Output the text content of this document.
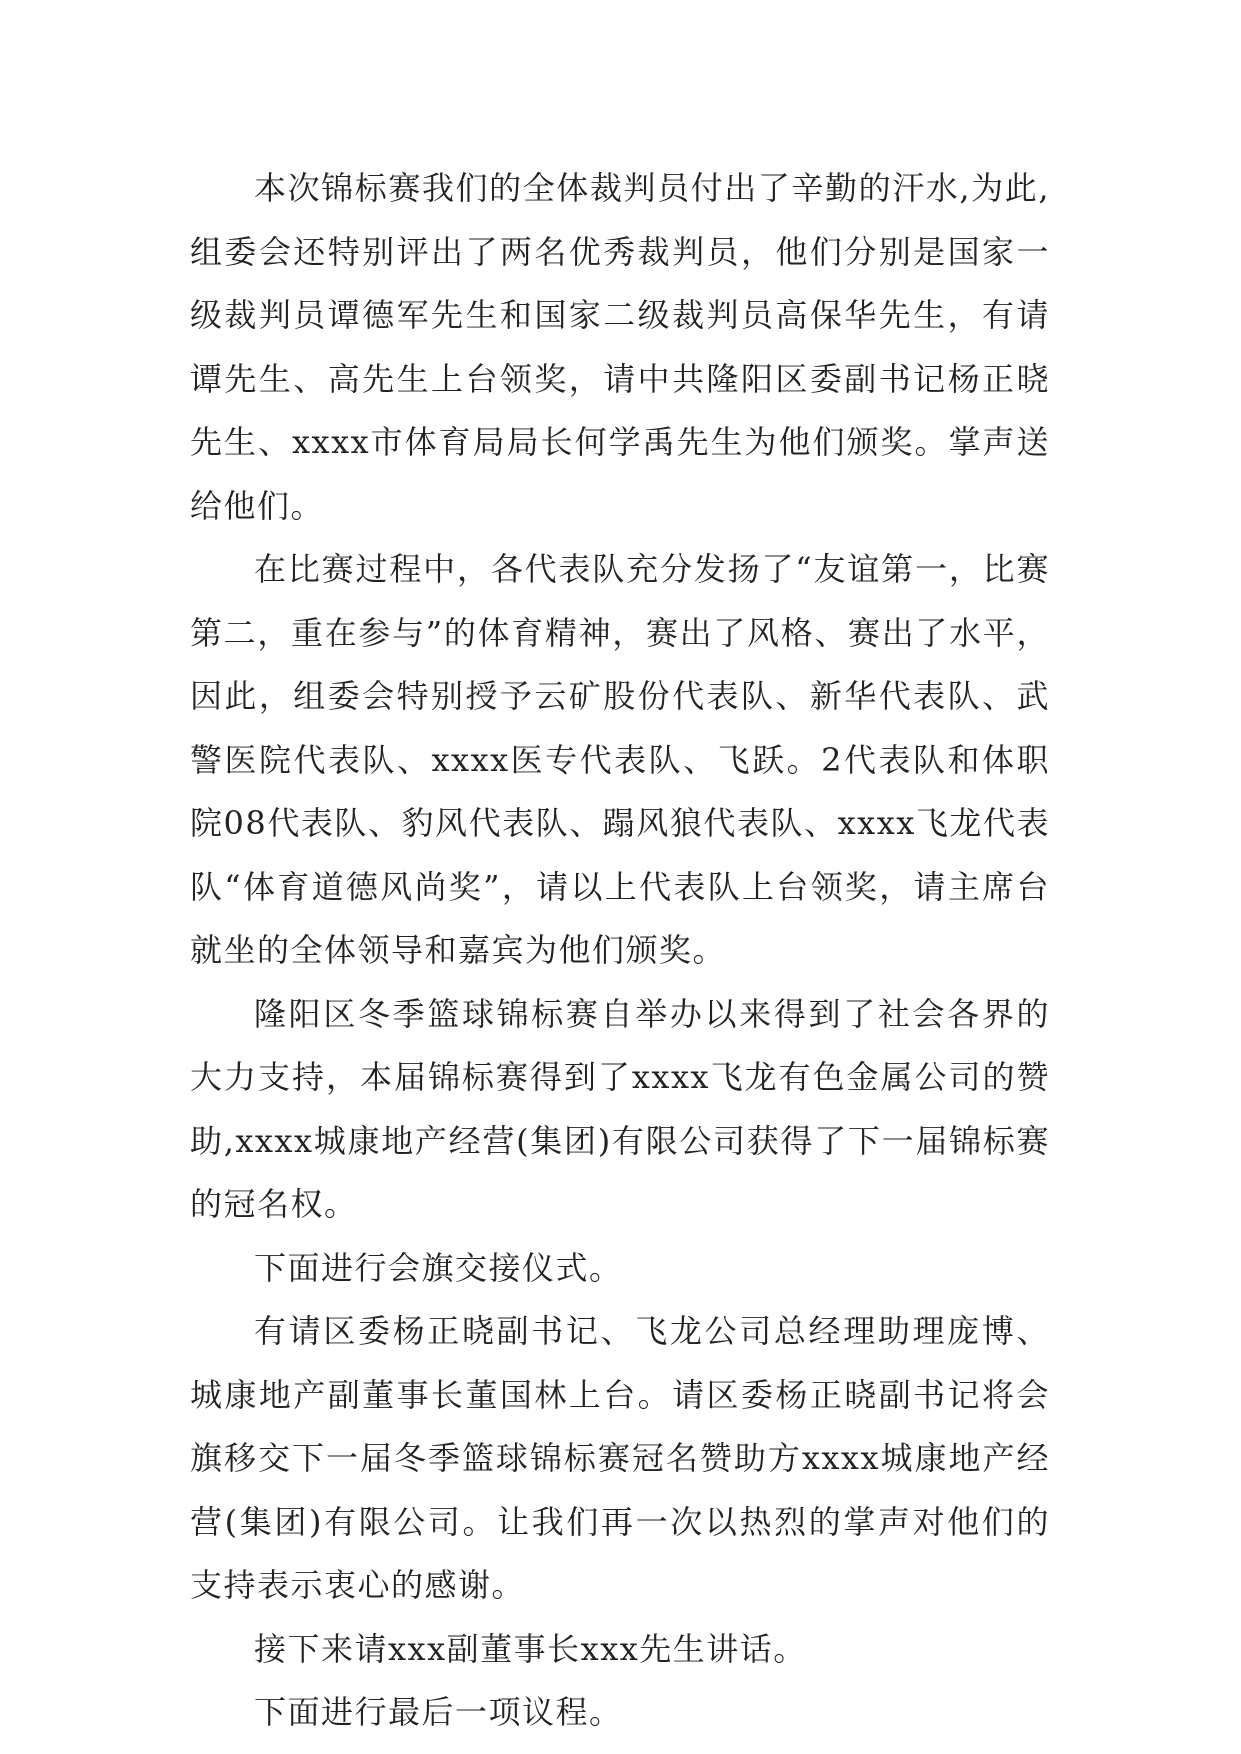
本次锦标赛我们的全体裁判员付出了辛勤的汗水,为此,组委会还特别评出了两名优秀裁判员，他们分别是国家一级裁判员谭德军先生和国家二级裁判员高保华先生，有请谭先生、高先生上台领奖，请中共隆阳区委副书记杨正晓先生、xxxx市体育局局长何学禹先生为他们颁奖。掌声送给他们。

在比赛过程中，各代表队充分发扬了“友谊第一，比赛第二，重在参与”的体育精神，赛出了风格、赛出了水平，因此，组委会特别授予云矿股份代表队、新华代表队、武警医院代表队、xxxx医专代表队、飞跃。2代表队和体职院08代表队、豹风代表队、蹋风狼代表队、xxxx飞龙代表队“体育道德风尚奖”，请以上代表队上台领奖，请主席台就坐的全体领导和嘉宾为他们颁奖。

隆阳区冬季篮球锦标赛自举办以来得到了社会各界的大力支持，本届锦标赛得到了xxxx飞龙有色金属公司的赞助,xxxx城康地产经营(集团)有限公司获得了下一届锦标赛的冠名权。

下面进行会旗交接仪式。

有请区委杨正晓副书记、飞龙公司总经理助理庞博、城康地产副董事长董国林上台。请区委杨正晓副书记将会旗移交下一届冬季篮球锦标赛冠名赞助方xxxx城康地产经营(集团)有限公司。让我们再一次以热烈的掌声对他们的支持表示衷心的感谢。

接下来请xxx副董事长xxx先生讲话。

下面进行最后一项议程。
